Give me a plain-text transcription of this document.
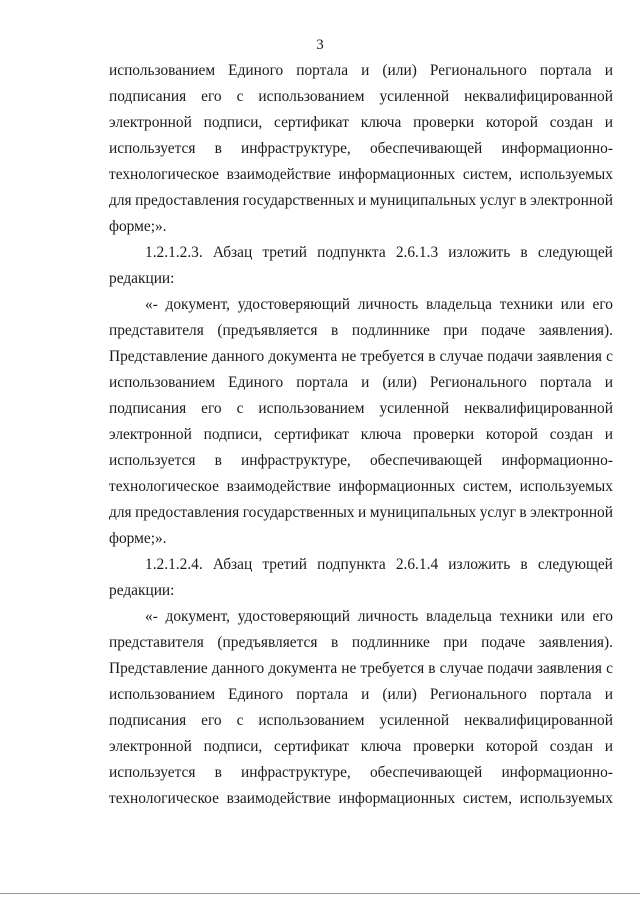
3
использованием Единого портала и (или) Регионального портала и
подписания его с использованием усиленной неквалифицированной
электронной подписи, сертификат ключа проверки которой создан и
используется в инфраструктуре, обеспечивающей информационно-
технологическое взаимодействие информационных систем, используемых
для предоставления государственных и муниципальных услуг в электронной
форме;».
1.2.1.2.3. Абзац третий подпункта 2.6.1.3 изложить в следующей
редакции:
«- документ, удостоверяющий личность владельца техники или его
представителя (предъявляется в подлиннике при подаче заявления).
Представление данного документа не требуется в случае подачи заявления с
использованием Единого портала и (или) Регионального портала и
подписания его с использованием усиленной неквалифицированной
электронной подписи, сертификат ключа проверки которой создан и
используется в инфраструктуре, обеспечивающей информационно-
технологическое взаимодействие информационных систем, используемых
для предоставления государственных и муниципальных услуг в электронной
форме;».
1.2.1.2.4. Абзац третий подпункта 2.6.1.4 изложить в следующей
редакции:
«- документ, удостоверяющий личность владельца техники или его
представителя (предъявляется в подлиннике при подаче заявления).
Представление данного документа не требуется в случае подачи заявления с
использованием Единого портала и (или) Регионального портала и
подписания его с использованием усиленной неквалифицированной
электронной подписи, сертификат ключа проверки которой создан и
используется в инфраструктуре, обеспечивающей информационно-
технологическое взаимодействие информационных систем, используемых
